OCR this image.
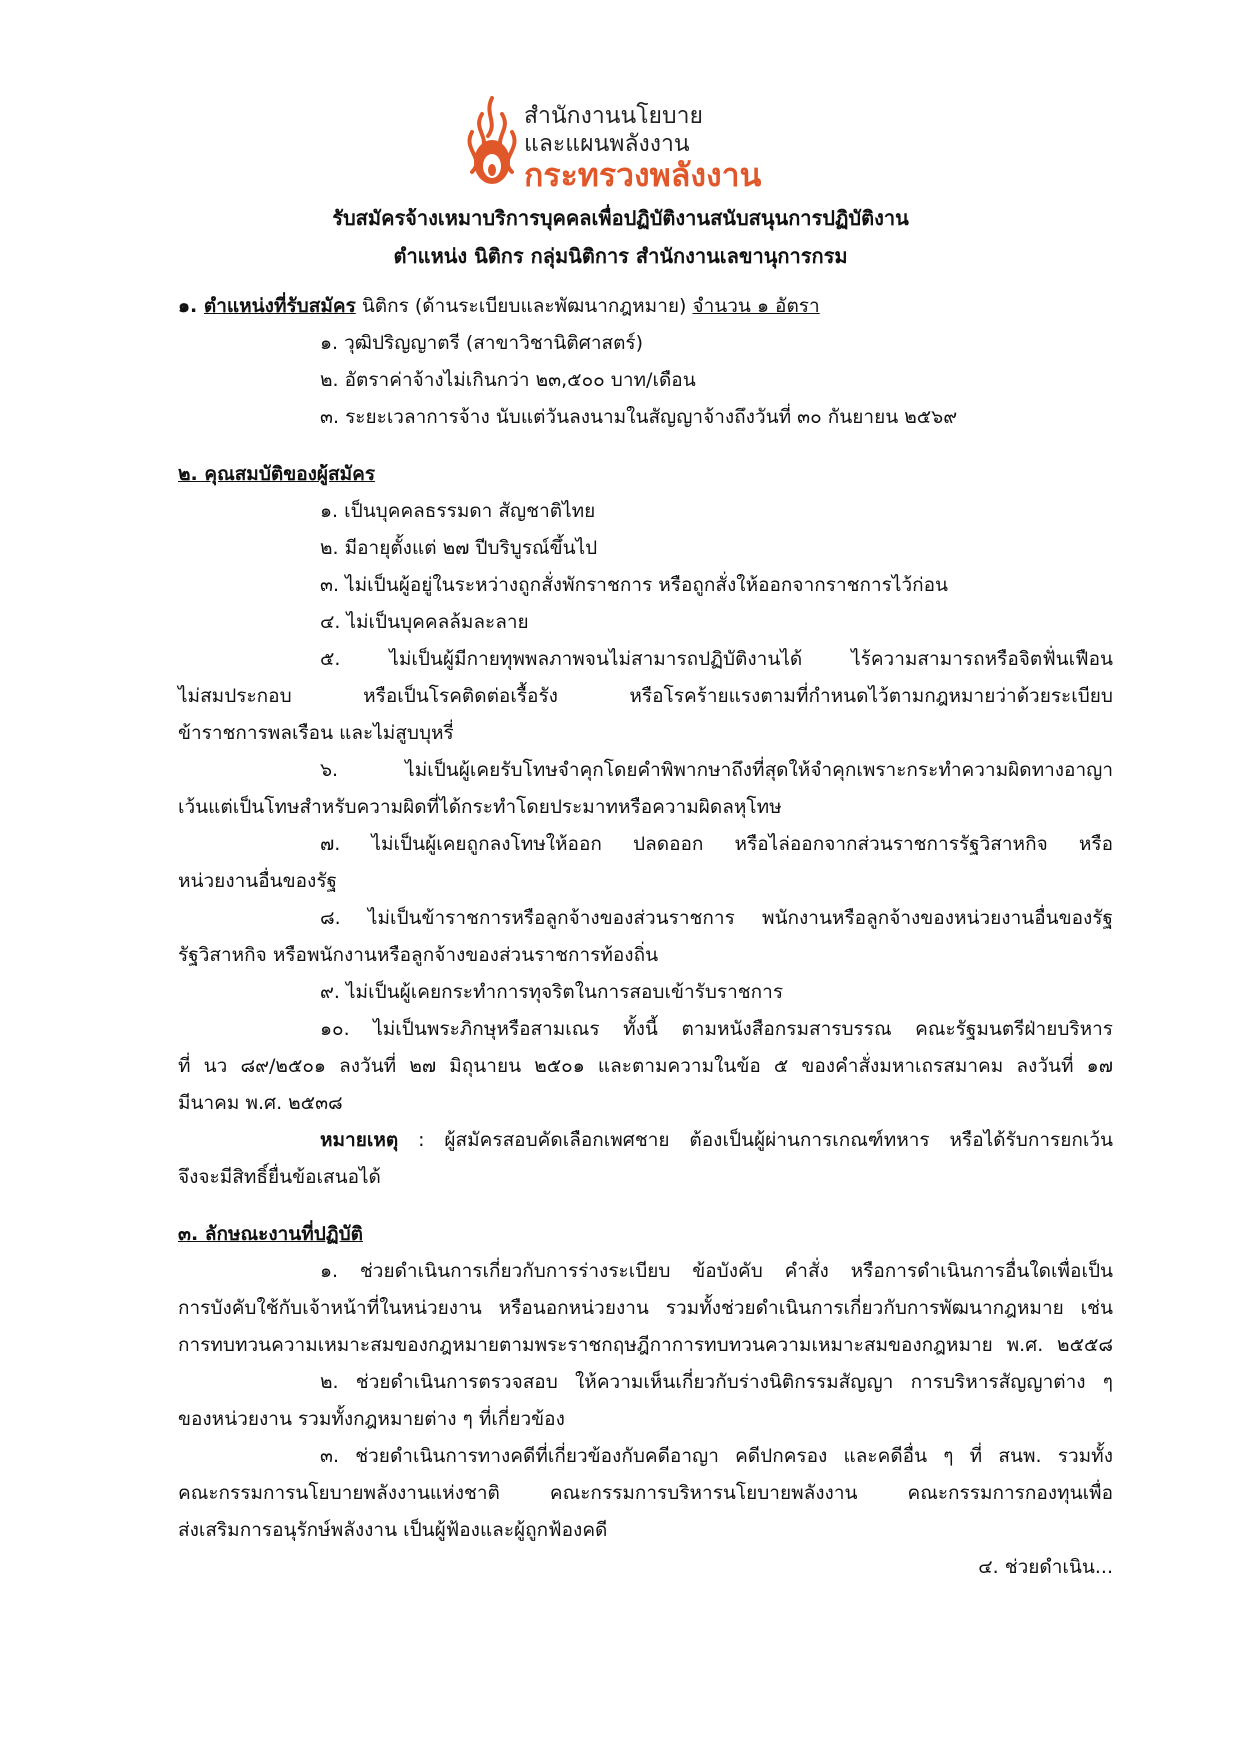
สำนักงานนโยบาย
และแผนพลังงาน
กระทรวงพลังงาน
รับสมัครจ้างเหมาบริการบุคคลเพื่อปฏิบัติงานสนับสนุนการปฏิบัติงาน
ตำแหน่ง นิติกร กลุ่มนิติการ สำนักงานเลขานุการกรม

๑. ตำแหน่งที่รับสมัคร นิติกร (ด้านระเบียบและพัฒนากฎหมาย) จำนวน ๑ อัตรา

๑. วุฒิปริญญาตรี (สาขาวิชานิติศาสตร์)

๒. อัตราค่าจ้างไม่เกินกว่า ๒๓,๕๐๐ บาท/เดือน

๓. ระยะเวลาการจ้าง นับแต่วันลงนามในสัญญาจ้างถึงวันที่ ๓๐ กันยายน ๒๕๖๙

๒. คุณสมบัติของผู้สมัคร

๑. เป็นบุคคลธรรมดา สัญชาติไทย

๒. มีอายุตั้งแต่ ๒๗ ปีบริบูรณ์ขึ้นไป

๓. ไม่เป็นผู้อยู่ในระหว่างถูกสั่งพักราชการ หรือถูกสั่งให้ออกจากราชการไว้ก่อน

๔. ไม่เป็นบุคคลล้มละลาย

๕. ไม่เป็นผู้มีกายทุพพลภาพจนไม่สามารถปฏิบัติงานได้ ไร้ความสามารถหรือจิตฟั่นเฟือน

ไม่สมประกอบ หรือเป็นโรคติดต่อเรื้อรัง หรือโรคร้ายแรงตามที่กำหนดไว้ตามกฎหมายว่าด้วยระเบียบ

ข้าราชการพลเรือน และไม่สูบบุหรี่

๖. ไม่เป็นผู้เคยรับโทษจำคุกโดยคำพิพากษาถึงที่สุดให้จำคุกเพราะกระทำความผิดทางอาญา

เว้นแต่เป็นโทษสำหรับความผิดที่ได้กระทำโดยประมาทหรือความผิดลหุโทษ

๗. ไม่เป็นผู้เคยถูกลงโทษให้ออก ปลดออก หรือไล่ออกจากส่วนราชการรัฐวิสาหกิจ หรือ

หน่วยงานอื่นของรัฐ

๘. ไม่เป็นข้าราชการหรือลูกจ้างของส่วนราชการ พนักงานหรือลูกจ้างของหน่วยงานอื่นของรัฐ

รัฐวิสาหกิจ หรือพนักงานหรือลูกจ้างของส่วนราชการท้องถิ่น

๙. ไม่เป็นผู้เคยกระทำการทุจริตในการสอบเข้ารับราชการ

๑๐. ไม่เป็นพระภิกษุหรือสามเณร ทั้งนี้ ตามหนังสือกรมสารบรรณ คณะรัฐมนตรีฝ่ายบริหาร

ที่ นว ๘๙/๒๕๐๑ ลงวันที่ ๒๗ มิถุนายน ๒๕๐๑ และตามความในข้อ ๕ ของคำสั่งมหาเถรสมาคม ลงวันที่ ๑๗

มีนาคม พ.ศ. ๒๕๓๘

หมายเหตุ : ผู้สมัครสอบคัดเลือกเพศชาย ต้องเป็นผู้ผ่านการเกณฑ์ทหาร หรือได้รับการยกเว้น

จึงจะมีสิทธิ์ยื่นข้อเสนอได้

๓. ลักษณะงานที่ปฏิบัติ

๑. ช่วยดำเนินการเกี่ยวกับการร่างระเบียบ ข้อบังคับ คำสั่ง หรือการดำเนินการอื่นใดเพื่อเป็น

การบังคับใช้กับเจ้าหน้าที่ในหน่วยงาน หรือนอกหน่วยงาน รวมทั้งช่วยดำเนินการเกี่ยวกับการพัฒนากฎหมาย เช่น

การทบทวนความเหมาะสมของกฎหมายตามพระราชกฤษฎีกาการทบทวนความเหมาะสมของกฎหมาย พ.ศ. ๒๕๕๘

๒. ช่วยดำเนินการตรวจสอบ ให้ความเห็นเกี่ยวกับร่างนิติกรรมสัญญา การบริหารสัญญาต่าง ๆ

ของหน่วยงาน รวมทั้งกฎหมายต่าง ๆ ที่เกี่ยวข้อง

๓. ช่วยดำเนินการทางคดีที่เกี่ยวข้องกับคดีอาญา คดีปกครอง และคดีอื่น ๆ ที่ สนพ. รวมทั้ง

คณะกรรมการนโยบายพลังงานแห่งชาติ คณะกรรมการบริหารนโยบายพลังงาน คณะกรรมการกองทุนเพื่อ

ส่งเสริมการอนุรักษ์พลังงาน เป็นผู้ฟ้องและผู้ถูกฟ้องคดี

๔. ช่วยดำเนิน...
